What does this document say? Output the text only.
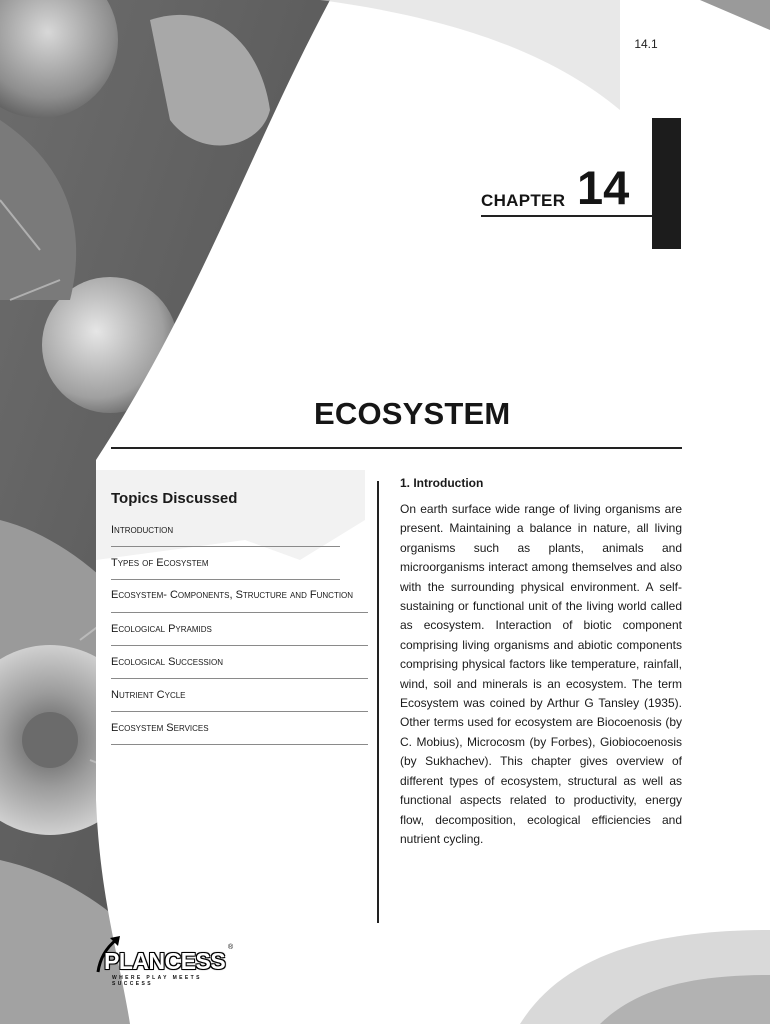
14.1
CHAPTER 14
ECOSYSTEM
Topics Discussed
Introduction
Types of Ecosystem
Ecosystem- Components, Structure and Function
Ecological Pyramids
Ecological Succession
Nutrient Cycle
Ecosystem Services
1. Introduction

On earth surface wide range of living organisms are present. Maintaining a balance in nature, all living organisms such as plants, animals and microorganisms interact among themselves and also with the surrounding physical environment. A self-sustaining or functional unit of the living world called as ecosystem. Interaction of biotic component comprising living organisms and abiotic components comprising physical factors like temperature, rainfall, wind, soil and minerals is an ecosystem. The term Ecosystem was coined by Arthur G Tansley (1935). Other terms used for ecosystem are Biocoenosis (by C. Mobius), Microcosm (by Forbes), Giobiocoenosis (by Sukhachev). This chapter gives overview of different types of ecosystem, structural as well as functional aspects related to productivity, energy flow, decomposition, ecological efficiencies and nutrient cycling.

PLANCESS
®
WHERE PLAY MEETS SUCCESS
